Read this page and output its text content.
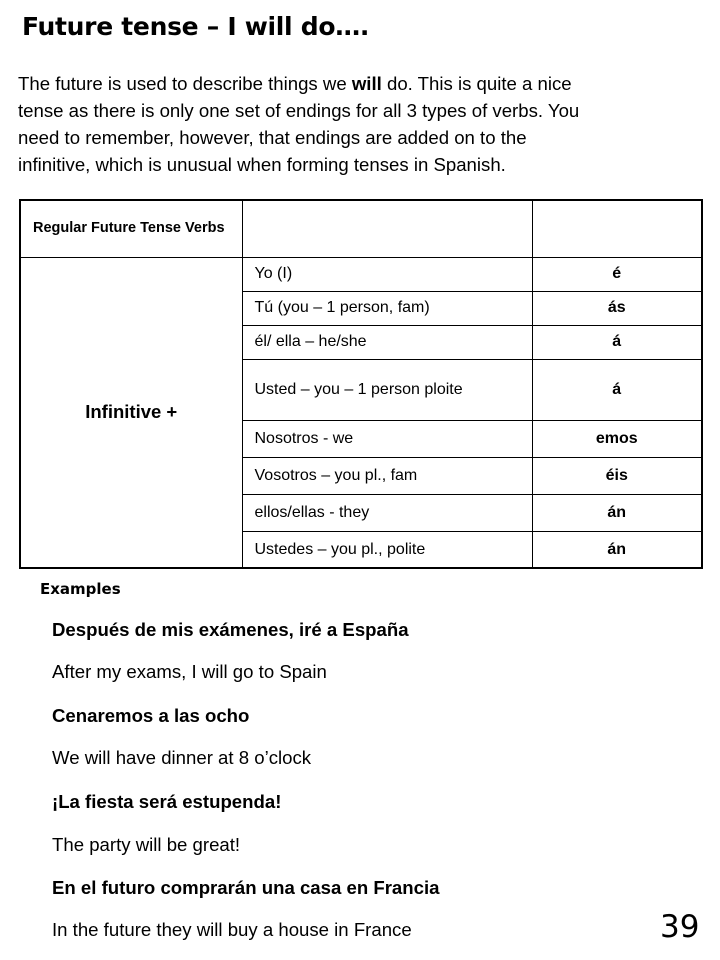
Future tense – I will do….
The future is used to describe things we will do. This is quite a nice
tense as there is only one set of endings for all 3 types of verbs. You
need to remember, however, that endings are added on to the
infinitive, which is unusual when forming tenses in Spanish.
Regular Future Tense Verbs		
Infinitive +	Yo (I)	é
	Tú (you – 1 person, fam)	ás
	él/ ella – he/she	á
	Usted – you – 1 person ploite	á
	Nosotros - we	emos
	Vosotros – you pl., fam	éis
	ellos/ellas - they	án
	Ustedes – you pl., polite	án
Examples
Después de mis exámenes, iré a España
After my exams, I will go to Spain
Cenaremos a las ocho
We will have dinner at 8 o’clock
¡La fiesta será estupenda!
The party will be great!
En el futuro comprarán una casa en Francia
In the future they will buy a house in France	39
